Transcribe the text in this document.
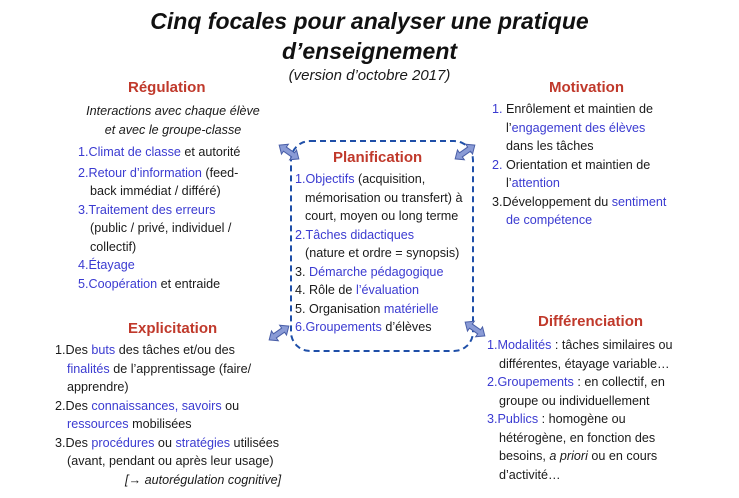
Cinq focales pour analyser une pratique
d’enseignement
(version d’octobre 2017)
Régulation
Interactions avec chaque élève
et avec le groupe-classe
1.Climat de classe et autorité
2.Retour d’information (feed-
back immédiat / différé)
3.Traitement des erreurs
(public / privé, individuel /
collectif)
4.Étayage
5.Coopération et entraide
Planification
1.Objectifs (acquisition,
mémorisation ou transfert) à
court, moyen ou long terme
2.Tâches didactiques
(nature et ordre = synopsis)
3. Démarche pédagogique
4. Rôle de l’évaluation
5. Organisation matérielle
6.Groupements d’élèves
Motivation
1. Enrôlement et maintien de
l’engagement des élèves
dans les tâches
2. Orientation et maintien de
l’attention
3.Développement du sentiment
de compétence
Explicitation
1.Des buts des tâches et/ou des
finalités de l’apprentissage (faire/
apprendre)
2.Des connaissances, savoirs ou
ressources mobilisées
3.Des procédures ou stratégies utilisées
(avant, pendant ou après leur usage)
[→ autorégulation cognitive]
Différenciation
1.Modalités : tâches similaires ou
différentes, étayage variable…
2.Groupements : en collectif, en
groupe ou individuellement
3.Publics : homogène ou
hétérogène, en fonction des
besoins, a priori ou en cours
d’activité…
